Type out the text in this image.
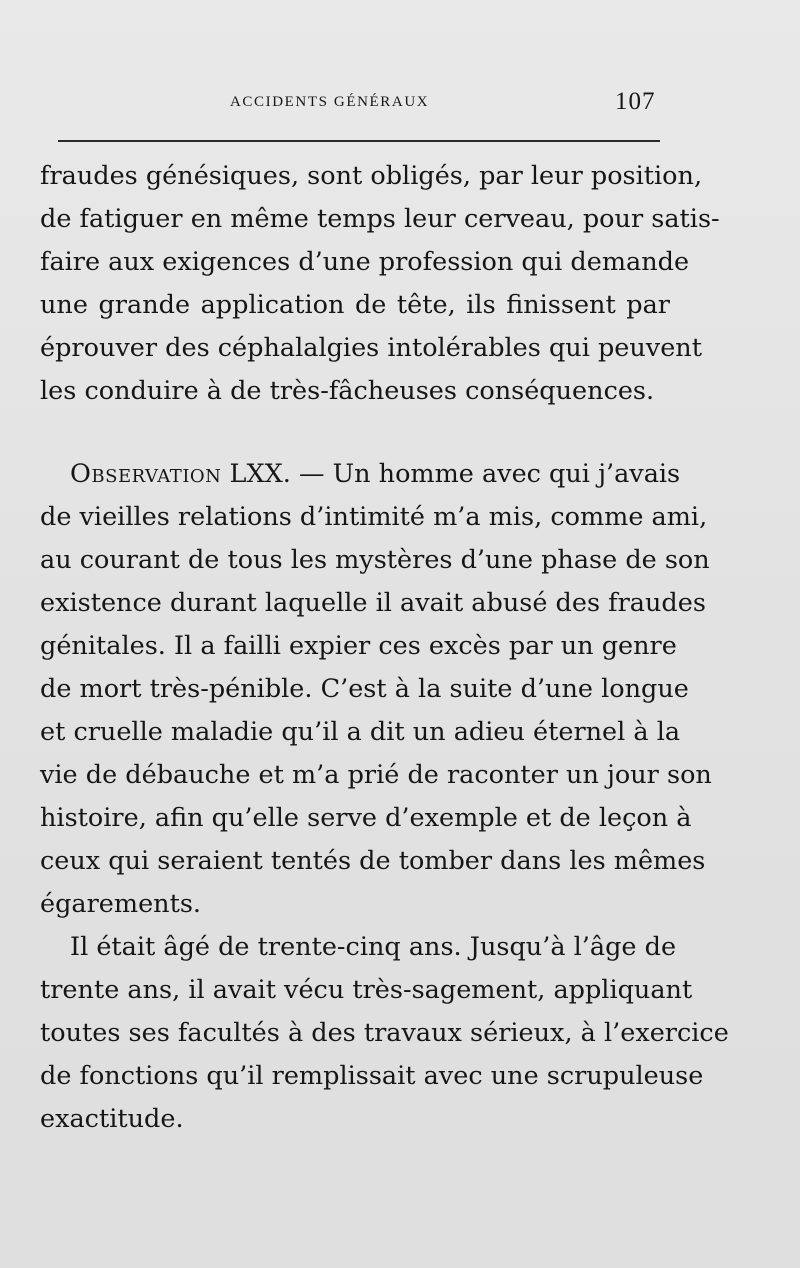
ACCIDENTS GÉNÉRAUX	107
fraudes génésiques, sont obligés, par leur position,
de fatiguer en même temps leur cerveau, pour satis-
faire aux exigences d’une profession qui demande
une grande application de tête, ils finissent par
éprouver des céphalalgies intolérables qui peuvent
les conduire à de très-fâcheuses conséquences.
Observation LXX. — Un homme avec qui j’avais
de vieilles relations d’intimité m’a mis, comme ami,
au courant de tous les mystères d’une phase de son
existence durant laquelle il avait abusé des fraudes
génitales. Il a failli expier ces excès par un genre
de mort très-pénible. C’est à la suite d’une longue
et cruelle maladie qu’il a dit un adieu éternel à la
vie de débauche et m’a prié de raconter un jour son
histoire, afin qu’elle serve d’exemple et de leçon à
ceux qui seraient tentés de tomber dans les mêmes
égarements.
Il était âgé de trente-cinq ans. Jusqu’à l’âge de
trente ans, il avait vécu très-sagement, appliquant
toutes ses facultés à des travaux sérieux, à l’exercice
de fonctions qu’il remplissait avec une scrupuleuse
exactitude.
